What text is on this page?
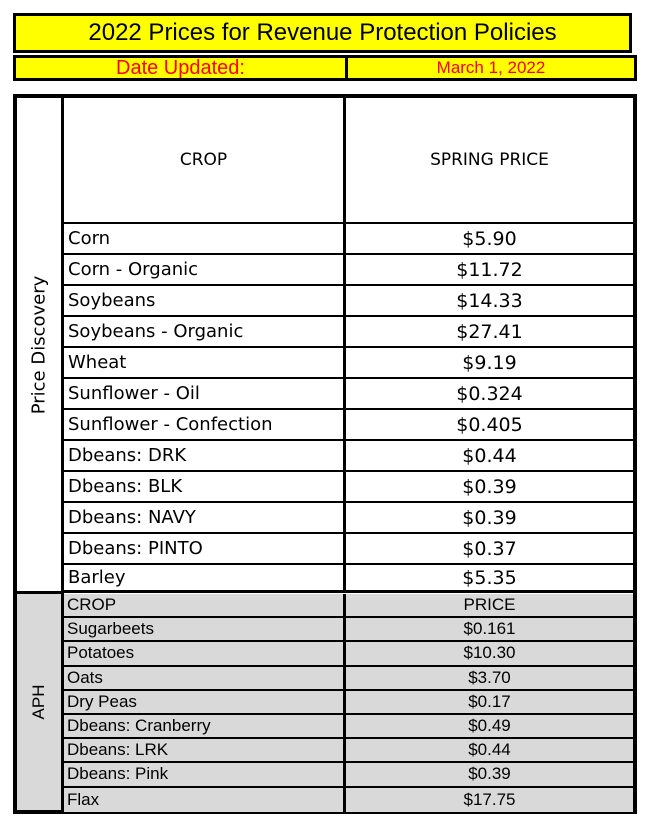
2022 Prices for Revenue Protection Policies
Date Updated:	March 1, 2022
Price Discovery
APH
CROP	SPRING PRICE
Corn	$5.90
Corn - Organic	$11.72
Soybeans	$14.33
Soybeans - Organic	$27.41
Wheat	$9.19
Sunflower - Oil	$0.324
Sunflower - Confection	$0.405
Dbeans: DRK	$0.44
Dbeans: BLK	$0.39
Dbeans: NAVY	$0.39
Dbeans: PINTO	$0.37
Barley	$5.35
CROP	PRICE
Sugarbeets	$0.161
Potatoes	$10.30
Oats	$3.70
Dry Peas	$0.17
Dbeans: Cranberry	$0.49
Dbeans: LRK	$0.44
Dbeans: Pink	$0.39
Flax	$17.75
